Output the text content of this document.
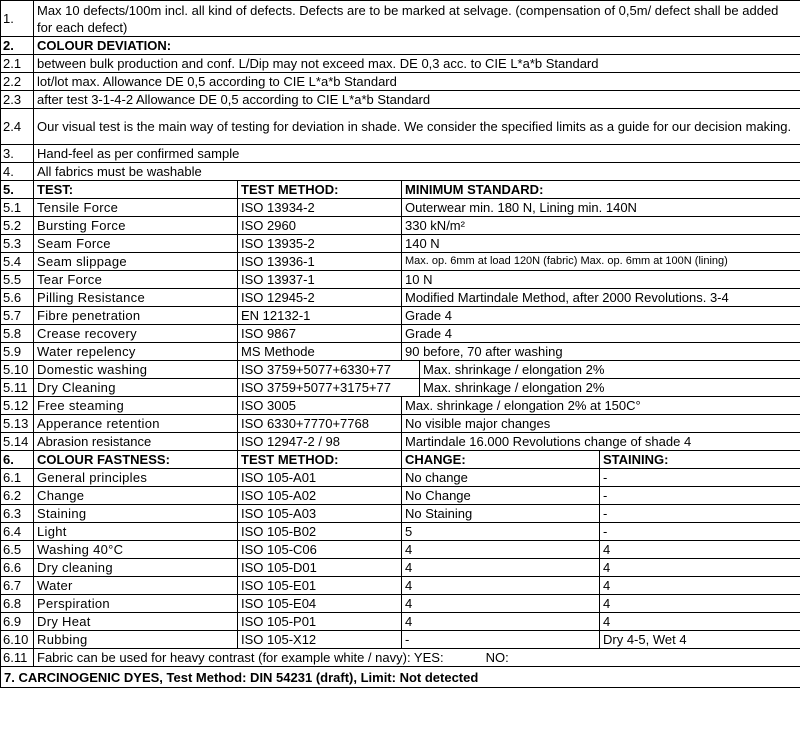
1.	Max 10 defects/100m incl. all kind of defects. Defects are to be marked at selvage. (compensation of 0,5m/ defect shall be added for each defect)				
2.	COLOUR DEVIATION:				
2.1	between bulk production and conf. L/Dip may not exceed max. DE 0,3 acc. to CIE L*a*b Standard				
2.2	lot/lot max. Allowance DE 0,5 according to CIE L*a*b Standard				
2.3	after test 3-1-4-2 Allowance DE 0,5 according to CIE L*a*b Standard				
2.4	Our visual test is the main way of testing for deviation in shade. We consider the specified limits as a guide for our decision making.				
3.	Hand-feel as per confirmed sample				
4.	All fabrics must be washable				
5.	TEST:	TEST METHOD:	MINIMUM STANDARD:		
5.1	Tensile Force	ISO 13934-2	Outerwear min. 180 N, Lining min. 140N		
5.2	Bursting Force	ISO 2960	330 kN/m²		
5.3	Seam Force	ISO 13935-2	140 N		
5.4	Seam slippage	ISO 13936-1	Max. op. 6mm at load 120N (fabric) Max. op. 6mm at 100N (lining)		
5.5	Tear Force	ISO 13937-1	10 N		
5.6	Pilling Resistance	ISO 12945-2	Modified Martindale Method, after 2000 Revolutions. 3-4		
5.7	Fibre penetration	EN 12132-1	Grade 4		
5.8	Crease recovery	ISO 9867	Grade 4		
5.9	Water repelency	MS Methode	90 before, 70 after washing		
5.10	Domestic washing	ISO 3759+5077+6330+77		Max. shrinkage / elongation 2%	
5.11	Dry Cleaning	ISO 3759+5077+3175+77		Max. shrinkage / elongation 2%	
5.12	Free steaming	ISO 3005	Max. shrinkage / elongation 2% at 150C°		
5.13	Apperance retention	ISO 6330+7770+7768	No visible major changes		
5.14	Abrasion resistance	ISO 12947-2 / 98	Martindale 16.000 Revolutions change of shade 4		
6.	COLOUR FASTNESS:	TEST METHOD:	CHANGE:		STAINING:
6.1	General principles	ISO 105-A01	No change		-
6.2	Change	ISO 105-A02	No Change		-
6.3	Staining	ISO 105-A03	No Staining		-
6.4	Light	ISO 105-B02	5		-
6.5	Washing 40°C	ISO 105-C06	4		4
6.6	Dry cleaning	ISO 105-D01	4		4
6.7	Water	ISO 105-E01	4		4
6.8	Perspiration	ISO 105-E04	4		4
6.9	Dry Heat	ISO 105-P01	4		4
6.10	Rubbing	ISO 105-X12	-		Dry 4-5, Wet 4
6.11	Fabric can be used for heavy contrast (for example white / navy): YES: NO:				
7. CARCINOGENIC DYES, Test Method: DIN 54231 (draft), Limit: Not detected					
